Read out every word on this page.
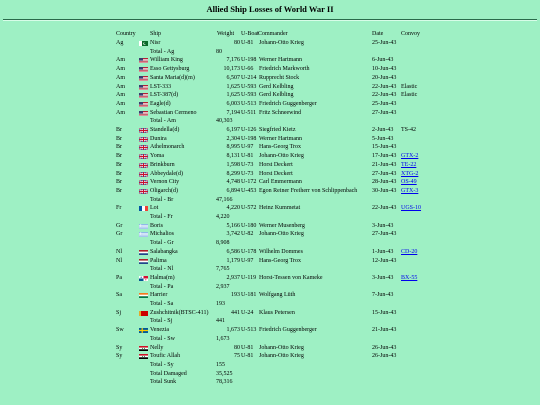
Allied Ship Losses of World War II
Country	Ship	Weight U-Boat Commander	Date	Convoy
Ag	Nisr	80 U-81 Johann-Otto Krieg	25-Jun-43
Total - Ag	80
Am	William King	7,176 U-198 Werner Hartmann	6-Jun-43
Am	Esso Gettysburg	10,173 U-66 Friedrich Markworth	10-Jun-43
Am	Santa Maria(d)(m)	6,507 U-214 Rupprecht Stock	20-Jun-43
Am	LST-333	1,625 U-593 Gerd Kelbling	22-Jun-43 Elastic
Am	LST-387(d)	1,625 U-593 Gerd Kelbling	22-Jun-43 Elastic
Am	Eagle(d)	6,003 U-513 Friedrich Guggenberger	25-Jun-43
Am	Sebastian Cermeno	7,194 U-511 Fritz Schneewind	27-Jun-43
Total - Am	40,303
Br	Standella(d)	6,197 U-126 Siegfried Kietz	2-Jun-43	TS-42
Br	Dunira	2,304 U-198 Werner Hartmann	5-Jun-43
Br	Athelmonarch	8,995 U-97 Hans-Georg Trox	15-Jun-43
Br	Yoma	8,131 U-81 Johann-Otto Krieg	17-Jun-43 GTX-2
Br	Brinkburn	1,598 U-73 Horst Deckert	21-Jun-43 TE-22
Br	Abbeydale(d)	8,299 U-73 Horst Deckert	27-Jun-43 XTG-2
Br	Vernon City	4,748 U-172 Carl Emmermann	28-Jun-43 OS-49
Br	Oligarch(d)	6,894 U-453 Egon Reiner Freiherr von Schlippenbach	30-Jun-43 GTX-3
Total - Br	47,166
Fr	Lot	4,220 U-572 Heinz Kummetat	22-Jun-43 UGS-10
Total - Fr	4,220
Gr	Boris	5,166 U-180 Werner Musenberg	3-Jun-43
Gr	Michalios	3,742 U-82 Johann-Otto Krieg	27-Jun-43
Total - Gr	8,908
Nl	Salabangka	6,586 U-178 Wilhelm Dommes	1-Jun-43	CD-20
Nl	Palima	1,179 U-97 Hans-Georg Trox	12-Jun-43
Total - Nl	7,765
Pa	Halma(m)	2,937 U-119 Horst-Tessen von Kameke	3-Jun-43	BX-55
Total - Pa	2,937
Sa	Harrier	193 U-181 Wolfgang Lüth	7-Jun-43
Total - Sa	193
Sj	Zushchitnik(BTSC-411)	441 U-24 Klaus Petersen	15-Jun-43
Total - Sj	441
Sw	Venezia	1,673 U-513 Friedrich Guggenberger	21-Jun-43
Total - Sw	1,673
Sy	Nelly	80 U-81 Johann-Otto Krieg	26-Jun-43
Sy	Toufic Allah	75 U-81 Johann-Otto Krieg	26-Jun-43
Total - Sy	155
Total Damaged	35,525
Total Sunk	78,316
